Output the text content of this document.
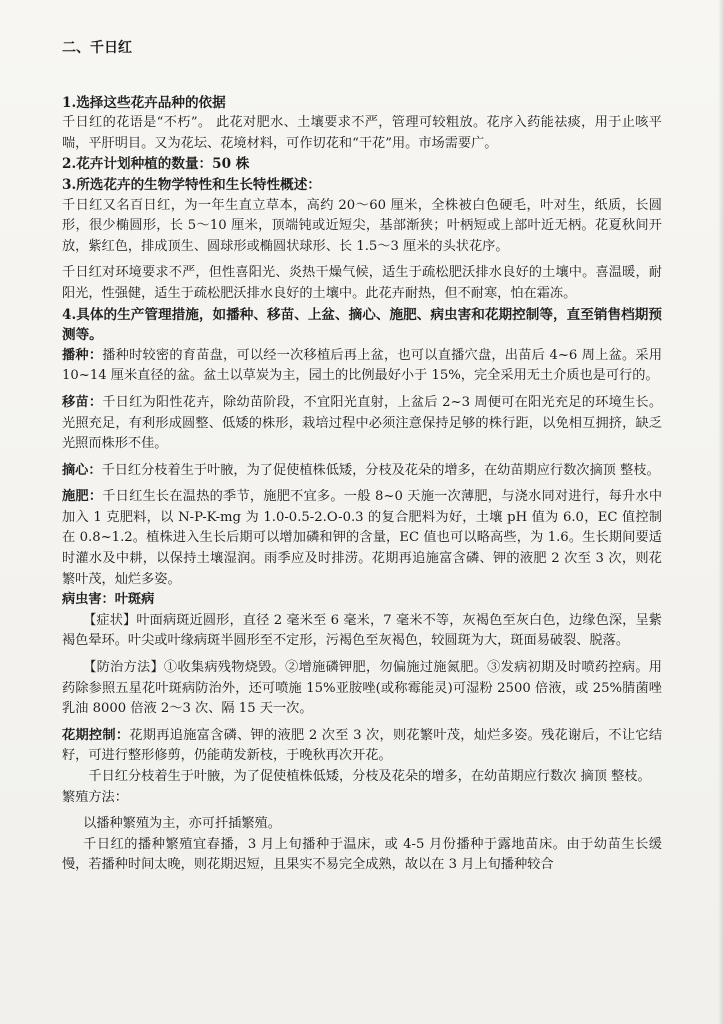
二、千日红

1.选择这些花卉品种的依据

千日红的花语是“不朽”。 此花对肥水、土壤要求不严，管理可较粗放。花序入药能祛痰，用于止咳平喘，平肝明目。又为花坛、花境材料，可作切花和“干花”用。市场需要广。

2.花卉计划种植的数量：50 株

3.所选花卉的生物学特性和生长特性概述：

千日红又名百日红，为一年生直立草本，高约 20～60 厘米，全株被白色硬毛，叶对生，纸质，长圆形，很少椭圆形，长 5～10 厘米，顶端钝或近短尖，基部渐狭；叶柄短或上部叶近无柄。花夏秋间开放，紫红色，排成顶生、圆球形或椭圆状球形、长 1.5～3 厘米的头状花序。

千日红对环境要求不严，但性喜阳光、炎热干燥气候，适生于疏松肥沃排水良好的土壤中。喜温暖，耐阳光，性强健，适生于疏松肥沃排水良好的土壤中。此花卉耐热，但不耐寒，怕在霜冻。

4.具体的生产管理措施，如播种、移苗、上盆、摘心、施肥、病虫害和花期控制等，直至销售档期预测等。

播种：播种时较密的育苗盘，可以经一次移植后再上盆，也可以直播穴盘，出苗后 4~6 周上盆。采用 10~14 厘米直径的盆。盆土以草炭为主，园土的比例最好小于 15%，完全采用无土介质也是可行的。

移苗：千日红为阳性花卉，除幼苗阶段，不宜阳光直射，上盆后 2~3 周便可在阳光充足的环境生长。光照充足，有利形成圆整、低矮的株形，栽培过程中必须注意保持足够的株行距，以免相互拥挤，缺乏光照而株形不佳。

摘心：千日红分枝着生于叶腋，为了促使植株低矮，分枝及花朵的增多，在幼苗期应行数次摘顶 整枝。

施肥：千日红生长在温热的季节，施肥不宜多。一般 8~0 天施一次薄肥，与浇水同对进行，每升水中加入 1 克肥料，以 N-P-K-mg 为 1.0-0.5-2.O-0.3 的复合肥料为好，土壤 pH 值为 6.0，EC 值控制在 0.8~1.2。植株进入生长后期可以增加磷和钾的含量，EC 值也可以略高些，为 1.6。生长期间要适时灌水及中耕，以保持土壤湿润。雨季应及时排涝。花期再追施富含磷、钾的液肥 2 次至 3 次，则花繁叶茂，灿烂多姿。

病虫害：叶斑病

【症状】叶面病斑近圆形，直径 2 毫米至 6 毫米，7 毫米不等，灰褐色至灰白色，边缘色深，呈紫褐色晕环。叶尖或叶缘病斑半圆形至不定形，污褐色至灰褐色，较圆斑为大，斑面易破裂、脱落。

【防治方法】①收集病残物烧毁。②增施磷钾肥，勿偏施过施氮肥。③发病初期及时喷药控病。用药除参照五星花叶斑病防治外，还可喷施 15%亚胺唑(或称霉能灵)可湿粉 2500 倍液，或 25%腈菌唑乳油 8000 倍液 2～3 次、隔 15 天一次。

花期控制：花期再追施富含磷、钾的液肥 2 次至 3 次，则花繁叶茂，灿烂多姿。残花谢后，不让它结籽，可进行整形修剪，仍能萌发新枝，于晚秋再次开花。

千日红分枝着生于叶腋，为了促使植株低矮，分枝及花朵的增多，在幼苗期应行数次 摘顶 整枝。

繁殖方法：

以播种繁殖为主，亦可扦插繁殖。

千日红的播种繁殖宜春播，3 月上旬播种于温床，或 4-5 月份播种于露地苗床。由于幼苗生长缓慢，若播种时间太晚，则花期迟短，且果实不易完全成熟，故以在 3 月上旬播种较合
